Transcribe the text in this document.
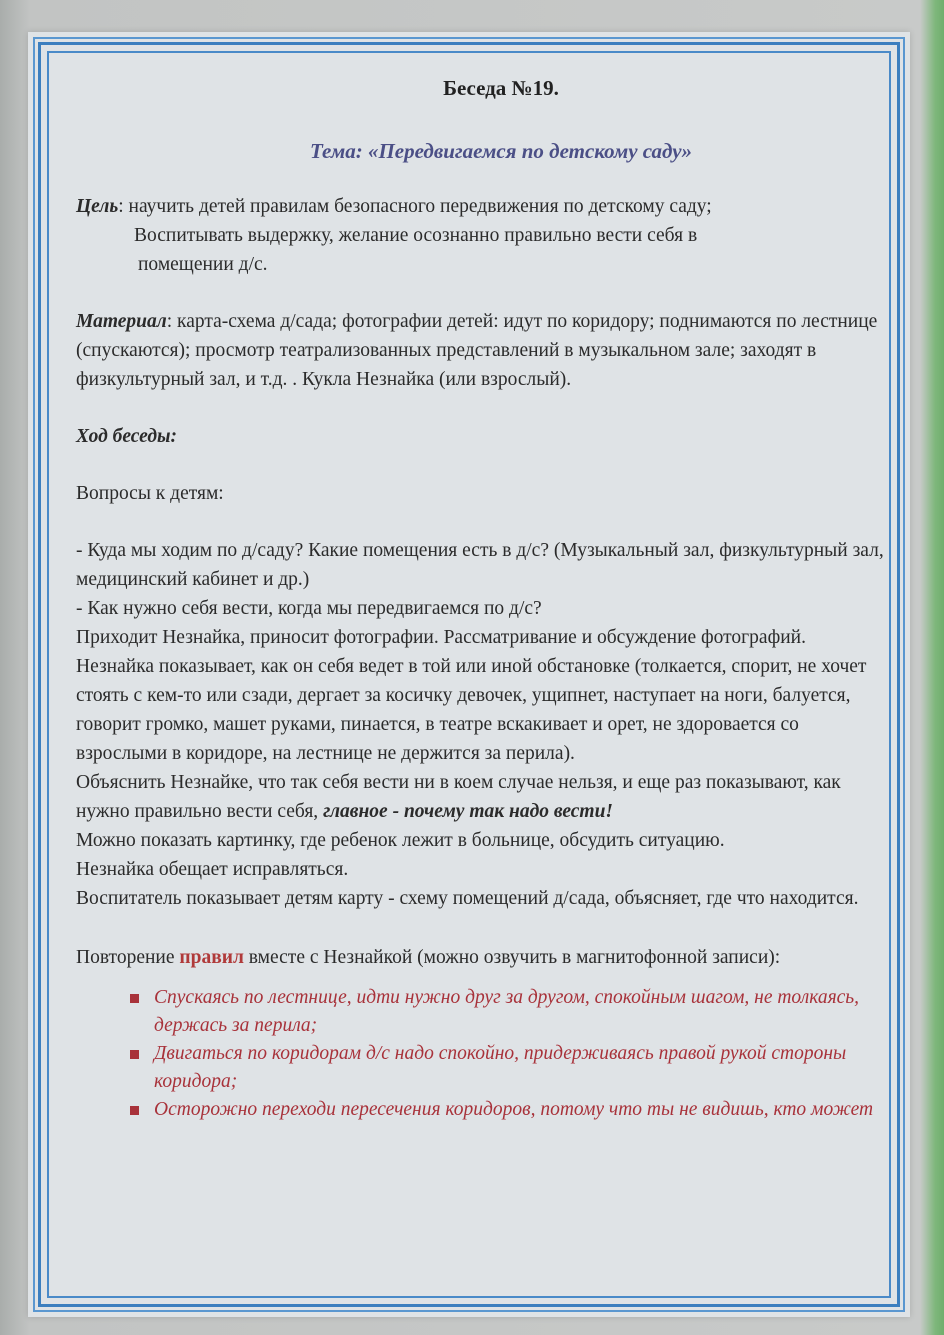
Беседа №19.
Тема: «Передвигаемся по детскому саду»

Цель: научить детей правилам безопасного передвижения по детскому саду;

Воспитывать выдержку, желание осознанно правильно вести себя в

помещении д/с.

Материал: карта-схема д/сада; фотографии детей: идут по коридору; поднимаются по лестнице (спускаются); просмотр театрализованных представлений в музыкальном зале; заходят в физкультурный зал, и т.д. . Кукла Незнайка (или взрослый).

Ход беседы:

Вопросы к детям:

- Куда мы ходим по д/саду? Какие помещения есть в д/с? (Музыкальный зал, физкультурный зал, медицинский кабинет и др.)

- Как нужно себя вести, когда мы передвигаемся по д/с?

Приходит Незнайка, приносит фотографии. Рассматривание и обсуждение фотографий. Незнайка показывает, как он себя ведет в той или иной обстановке (толкается, спорит, не хочет стоять с кем-то или сзади, дергает за косичку девочек, ущипнет, наступает на ноги, балуется, говорит громко, машет руками, пинается, в театре вскакивает и орет, не здоровается со взрослыми в коридоре, на лестнице не держится за перила).

Объяснить Незнайке, что так себя вести ни в коем случае нельзя, и еще раз показывают, как нужно правильно вести себя, главное - почему так надо вести!

Можно показать картинку, где ребенок лежит в больнице, обсудить ситуацию.

Незнайка обещает исправляться.

Воспитатель показывает детям карту - схему помещений д/сада, объясняет, где что находится.

Повторение правил вместе с Незнайкой (можно озвучить в магнитофонной записи):

Спускаясь по лестнице, идти нужно друг за другом, спокойным шагом, не толкаясь, держась за перила;
Двигаться по коридорам д/с надо спокойно, придерживаясь правой рукой стороны коридора;
Осторожно переходи пересечения коридоров, потому что ты не видишь, кто может
